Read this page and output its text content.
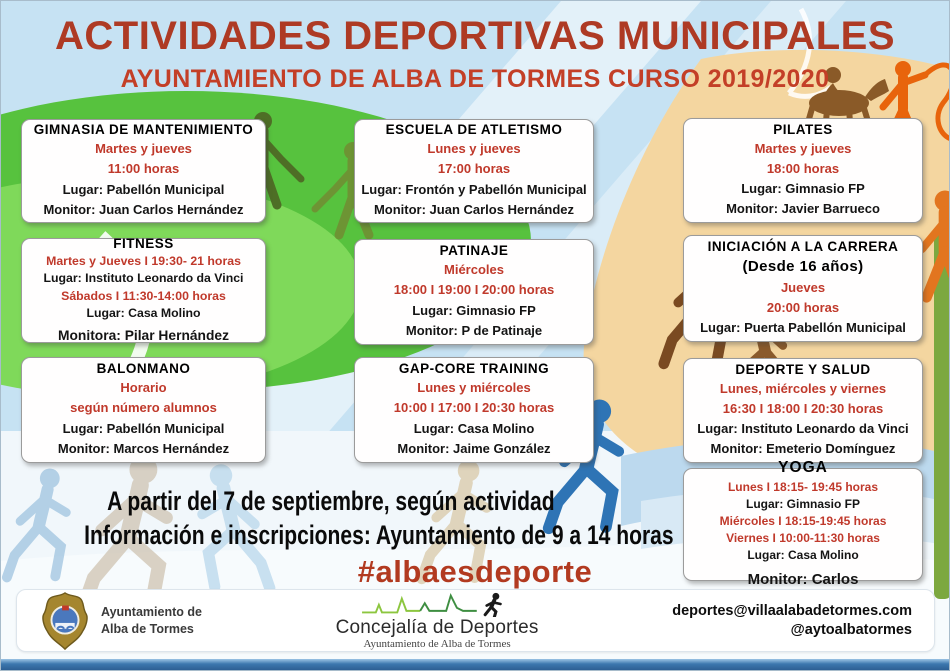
ACTIVIDADES DEPORTIVAS MUNICIPALES
AYUNTAMIENTO DE ALBA DE TORMES CURSO 2019/2020
GIMNASIA DE MANTENIMIENTO
Martes y jueves
11:00 horas
Lugar: Pabellón Municipal
Monitor: Juan Carlos Hernández
ESCUELA DE ATLETISMO
Lunes y jueves
17:00 horas
Lugar: Frontón y Pabellón Municipal
Monitor: Juan Carlos Hernández
PILATES
Martes y jueves
18:00 horas
Lugar: Gimnasio FP
Monitor: Javier Barrueco
FITNESS
Martes y Jueves I 19:30- 21 horas
Lugar: Instituto Leonardo da Vinci
Sábados I 11:30-14:00 horas
Lugar: Casa Molino
Monitora: Pilar Hernández
PATINAJE
Miércoles
18:00 I 19:00 I 20:00 horas
Lugar: Gimnasio FP
Monitor: P de Patinaje
INICIACIÓN A LA CARRERA
(Desde 16 años)
Jueves
20:00 horas
Lugar: Puerta Pabellón Municipal
BALONMANO
Horario
según número alumnos
Lugar: Pabellón Municipal
Monitor: Marcos Hernández
GAP-CORE TRAINING
Lunes y miércoles
10:00 I 17:00 I 20:30 horas
Lugar: Casa Molino
Monitor: Jaime González
DEPORTE Y SALUD
Lunes, miércoles y viernes
16:30 I 18:00 I 20:30 horas
Lugar: Instituto Leonardo da Vinci
Monitor: Emeterio Domínguez
YOGA
Lunes I 18:15- 19:45 horas
Lugar: Gimnasio FP
Miércoles I 18:15-19:45 horas
Viernes I 10:00-11:30 horas
Lugar: Casa Molino
Monitor: Carlos
A partir del 7 de septiembre, según actividad
Información e inscripciones: Ayuntamiento de 9 a 14 horas
#albaesdeporte
Ayuntamiento de
Alba de Tormes	Concejalía de Deportes
Ayuntamiento de Alba de Tormes
deportes@villaalabadetormes.com
@aytoalbatormes
